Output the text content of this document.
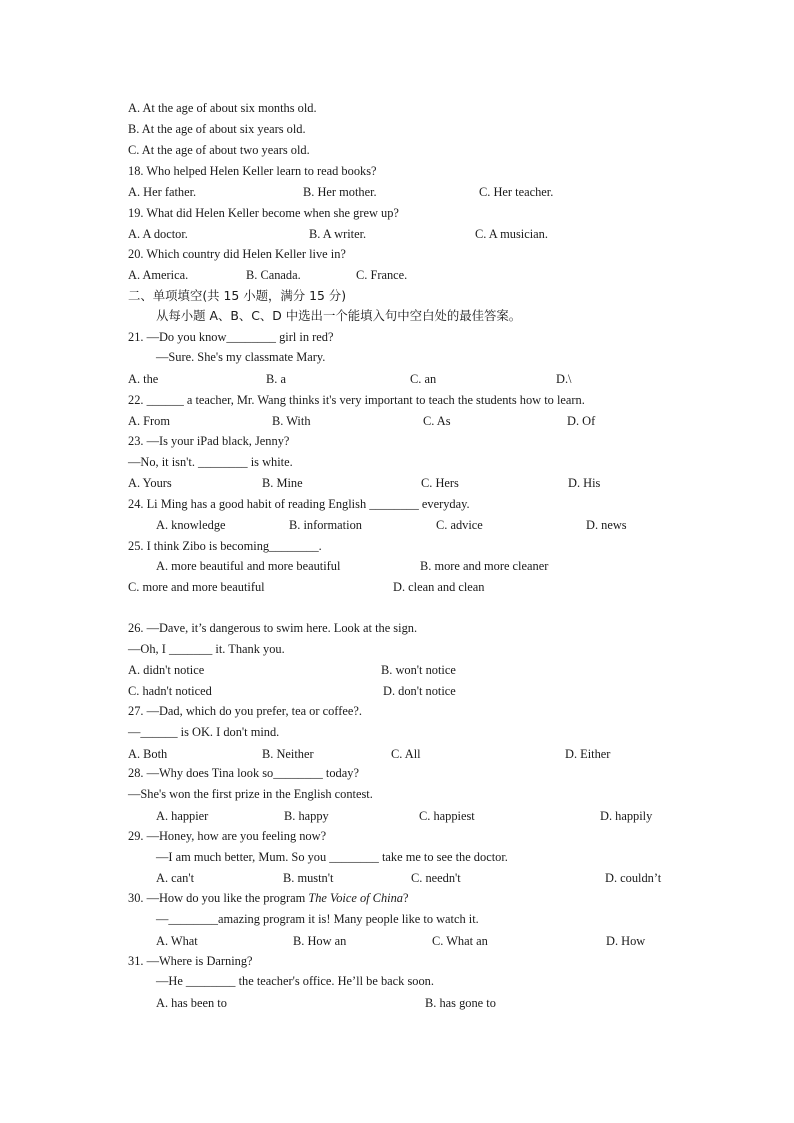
A. At the age of about six months old.
B. At the age of about six years old.
C. At the age of about two years old.
18. Who helped Helen Keller learn to read books?
A. Her father.	B. Her mother.	C. Her teacher.
19. What did Helen Keller become when she grew up?
A. A doctor.	B. A writer.	C. A musician.
20. Which country did Helen Keller live in?
A. America.	B. Canada.	C. France.
二、单项填空(共 15 小题，满分 15 分)
从每小题 A、B、C、D 中选出一个能填入句中空白处的最佳答案。
21. —Do you know________ girl in red?
—Sure. She's my classmate Mary.
A. the	B. a	C. an	D.\
22. ______ a teacher, Mr. Wang thinks it's very important to teach the students how to learn.
A. From	B. With	C. As	D. Of
23. —Is your iPad black, Jenny?
—No, it isn't. ________ is white.
A. Yours	B. Mine	C. Hers	D. His
24. Li Ming has a good habit of reading English ________ everyday.
A. knowledge	B. information	C. advice	D. news
25. I think Zibo is becoming________.
A. more beautiful and more beautiful	B. more and more cleaner
C. more and more beautiful	D. clean and clean
26. —Dave, it’s dangerous to swim here. Look at the sign.
—Oh, I _______ it. Thank you.
A. didn't notice	B. won't notice
C. hadn't noticed	D. don't notice
27. —Dad, which do you prefer, tea or coffee?.
—______ is OK. I don't mind.
A. Both	B. Neither	C. All	D. Either
28. —Why does Tina look so________ today?
—She's won the first prize in the English contest.
A. happier	B. happy	C. happiest	D. happily
29. —Honey, how are you feeling now?
—I am much better, Mum. So you ________ take me to see the doctor.
A. can't	B. mustn't	C. needn't	D. couldn’t
30. —How do you like the program The Voice of China?
—________amazing program it is! Many people like to watch it.
A. What	B. How an	C. What an	D. How
31. —Where is Darning?
—He ________ the teacher's office. He’ll be back soon.
A. has been to	B. has gone to
